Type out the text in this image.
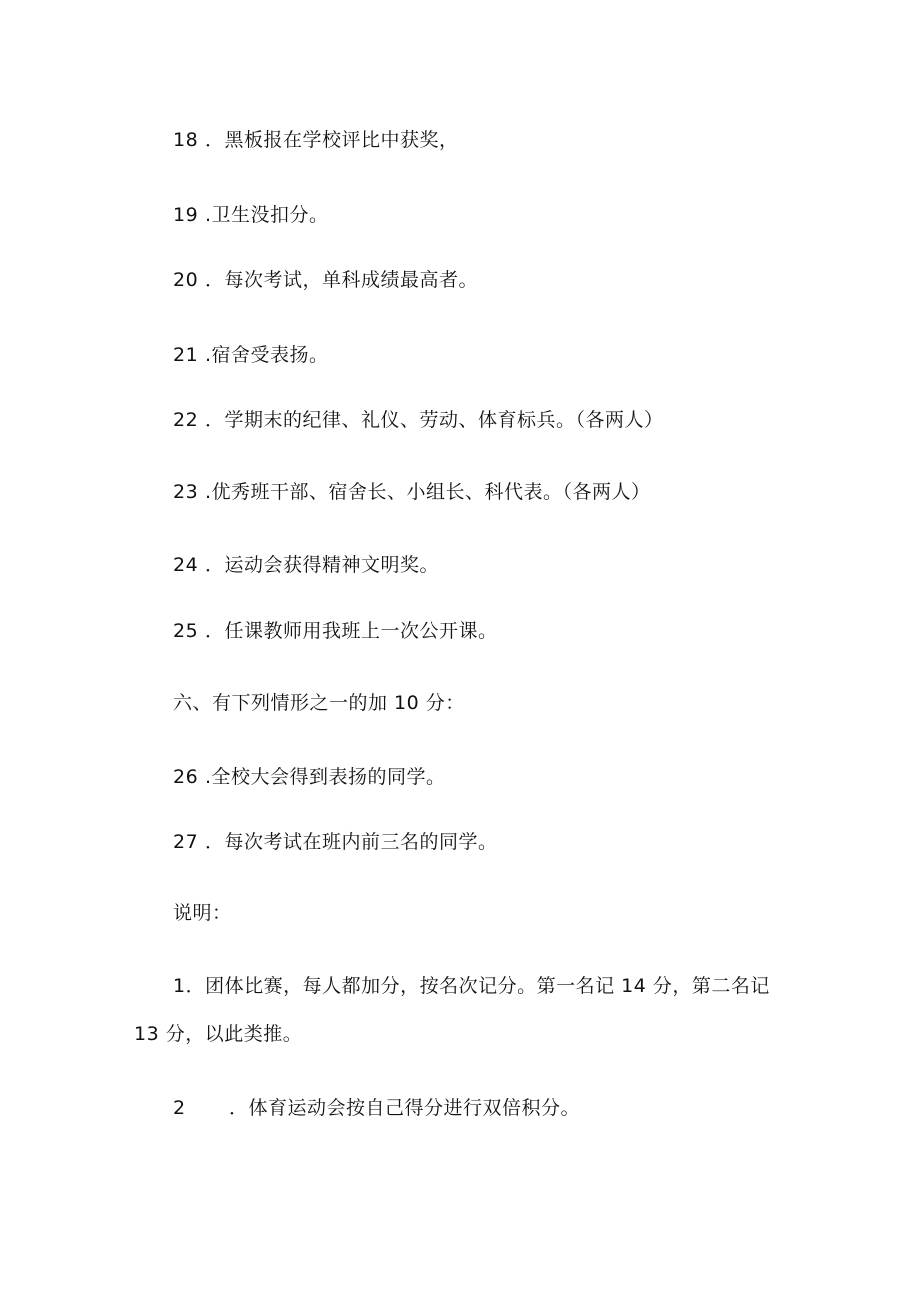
18 ．黑板报在学校评比中获奖，
19 .卫生没扣分。
20 ．每次考试，单科成绩最高者。
21 .宿舍受表扬。
22 ．学期末的纪律、礼仪、劳动、体育标兵。（各两人）
23 .优秀班干部、宿舍长、小组长、科代表。（各两人）
24 ．运动会获得精神文明奖。
25 ．任课教师用我班上一次公开课。
六、有下列情形之一的加 10 分：
26 .全校大会得到表扬的同学。
27 ．每次考试在班内前三名的同学。
说明：
1．团体比赛，每人都加分，按名次记分。第一名记 14 分，第二名记 13 分，以此类推。
2 ．体育运动会按自己得分进行双倍积分。
